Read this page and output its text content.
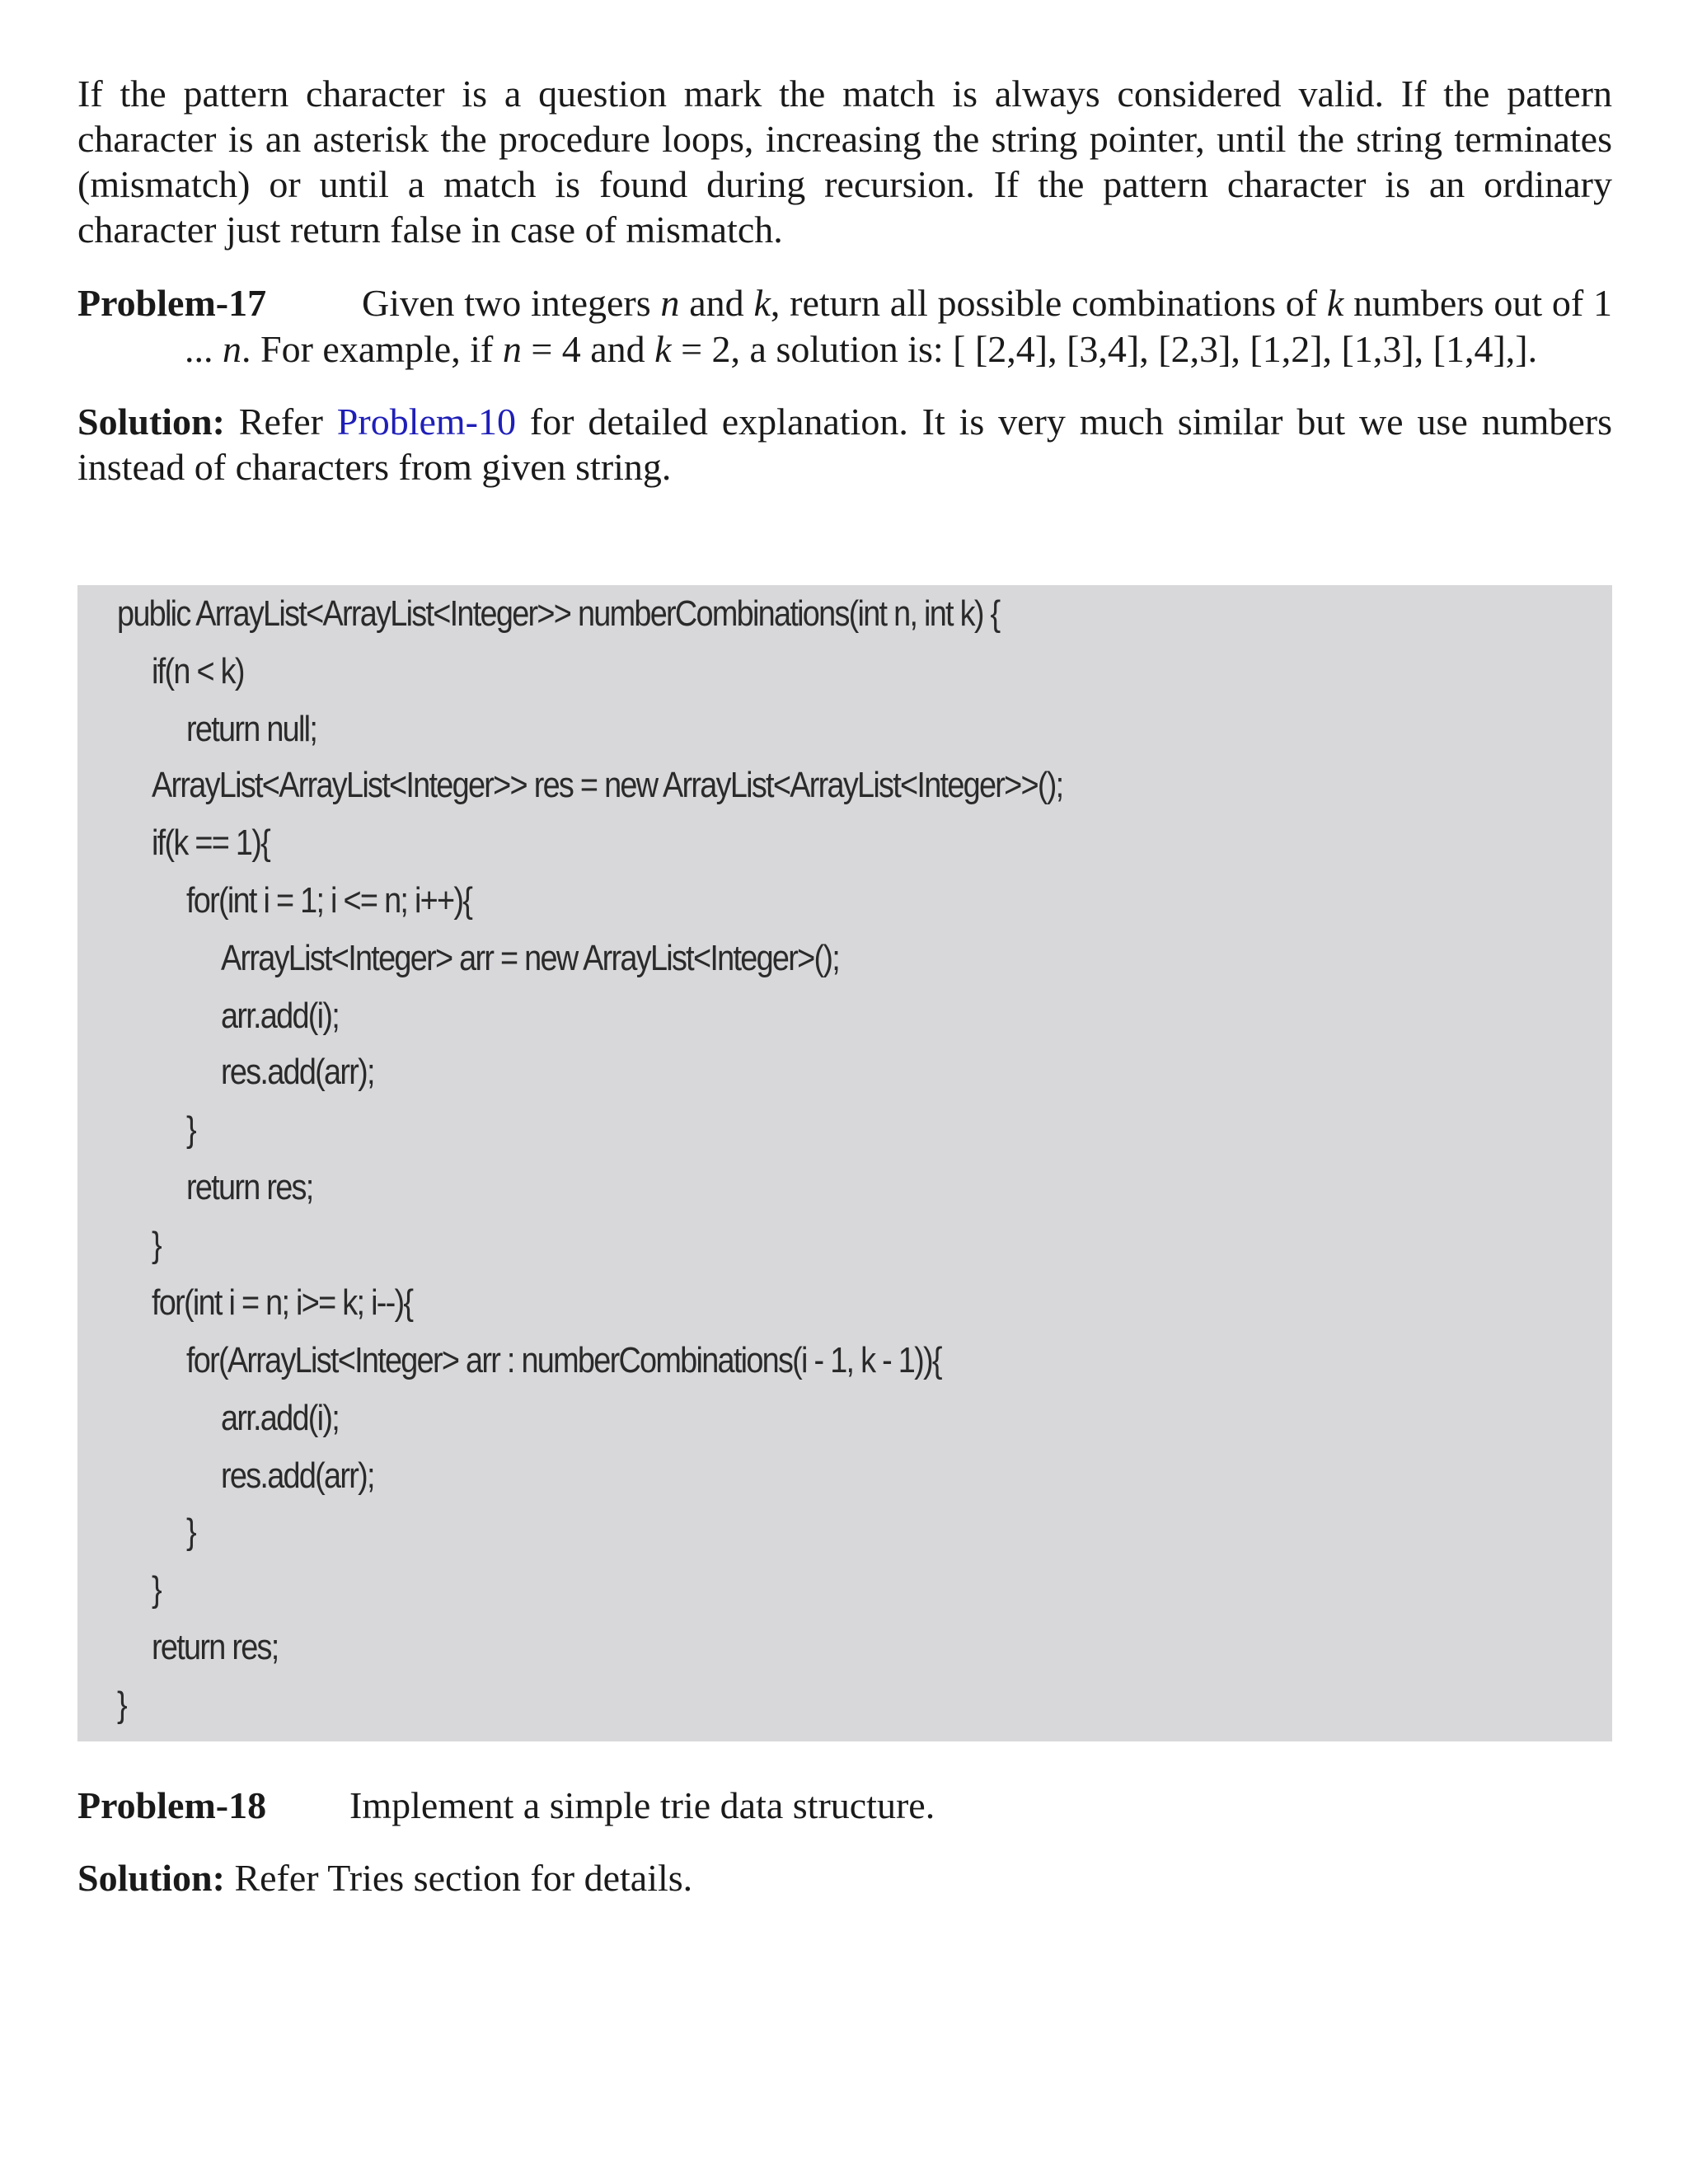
If the pattern character is a question mark the match is always considered valid. If the pattern character is an asterisk the procedure loops, increasing the string pointer, until the string terminates (mismatch) or until a match is found during recursion. If the pattern character is an ordinary character just return false in case of mismatch.

Problem-17	Given two integers n and k, return all possible combinations of k numbers out of 1 ... n. For example, if n = 4 and k = 2, a solution is: [ [2,4], [3,4], [2,3], [1,2], [1,3], [1,4],].

Solution: Refer Problem-10 for detailed explanation. It is very much similar but we use numbers instead of characters from given string.

public ArrayList<ArrayList<Integer>> numberCombinations(int n, int k) {
if(n < k)
return null;
ArrayList<ArrayList<Integer>> res = new ArrayList<ArrayList<Integer>>();
if(k == 1){
for(int i = 1; i <= n; i++){
ArrayList<Integer> arr = new ArrayList<Integer>();
arr.add(i);
res.add(arr);
}
return res;
}
for(int i = n; i>= k; i--){
for(ArrayList<Integer> arr : numberCombinations(i - 1, k - 1)){
arr.add(i);
res.add(arr);
}
}
return res;
}

Problem-18 Implement a simple trie data structure.

Solution: Refer Tries section for details.
